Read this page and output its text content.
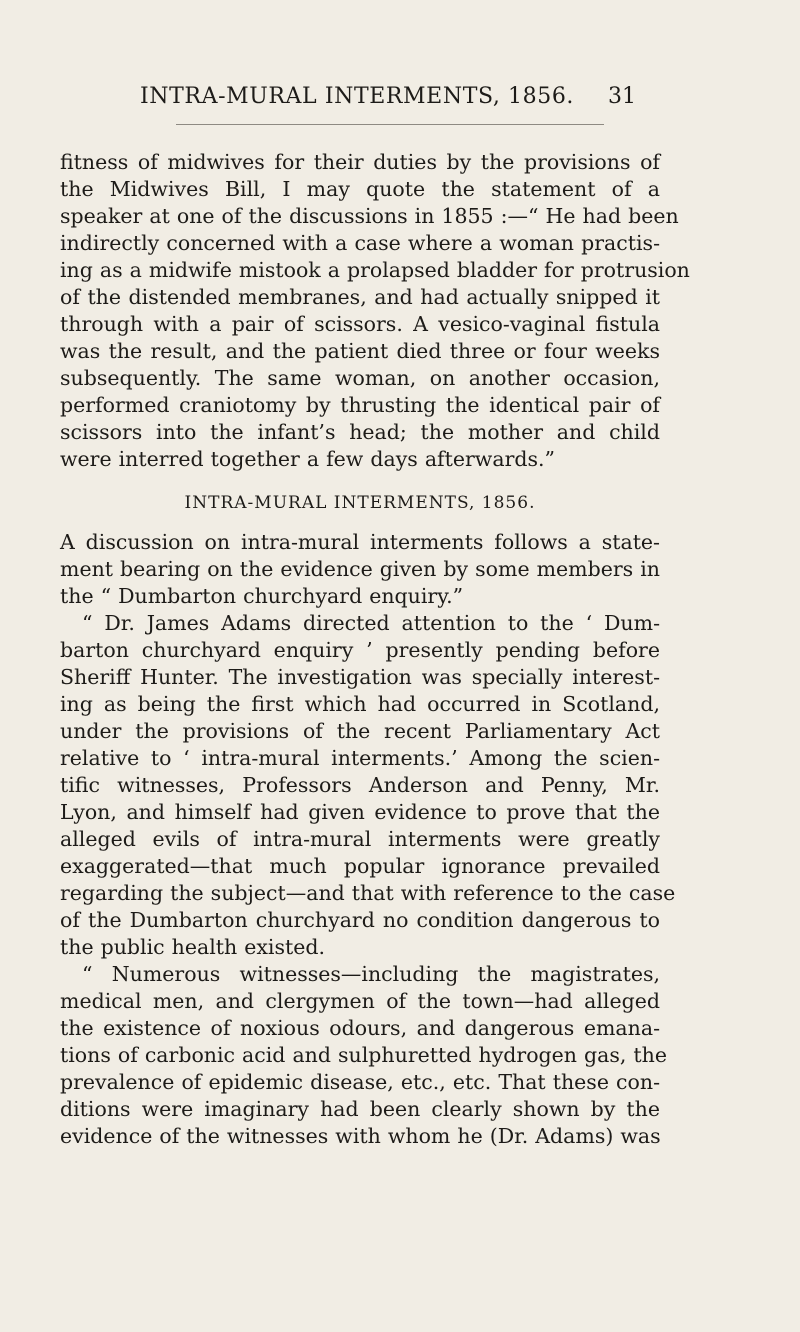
INTRA-MURAL INTERMENTS, 1856. 31
fitness of midwives for their duties by the provisions of
the Midwives Bill, I may quote the statement of a
speaker at one of the discussions in 1855 :—“ He had been
indirectly concerned with a case where a woman practis-
ing as a midwife mistook a prolapsed bladder for protrusion
of the distended membranes, and had actually snipped it
through with a pair of scissors. A vesico-vaginal fistula
was the result, and the patient died three or four weeks
subsequently. The same woman, on another occasion,
performed craniotomy by thrusting the identical pair of
scissors into the infant’s head; the mother and child
were interred together a few days afterwards.”
INTRA-MURAL INTERMENTS, 1856.
A discussion on intra-mural interments follows a state-
ment bearing on the evidence given by some members in
the “ Dumbarton churchyard enquiry.”
“ Dr. James Adams directed attention to the ‘ Dum-
barton churchyard enquiry ’ presently pending before
Sheriff Hunter. The investigation was specially interest-
ing as being the first which had occurred in Scotland,
under the provisions of the recent Parliamentary Act
relative to ‘ intra-mural interments.’ Among the scien-
tific witnesses, Professors Anderson and Penny, Mr.
Lyon, and himself had given evidence to prove that the
alleged evils of intra-mural interments were greatly
exaggerated—that much popular ignorance prevailed
regarding the subject—and that with reference to the case
of the Dumbarton churchyard no condition dangerous to
the public health existed.
“ Numerous witnesses—including the magistrates,
medical men, and clergymen of the town—had alleged
the existence of noxious odours, and dangerous emana-
tions of carbonic acid and sulphuretted hydrogen gas, the
prevalence of epidemic disease, etc., etc. That these con-
ditions were imaginary had been clearly shown by the
evidence of the witnesses with whom he (Dr. Adams) was
